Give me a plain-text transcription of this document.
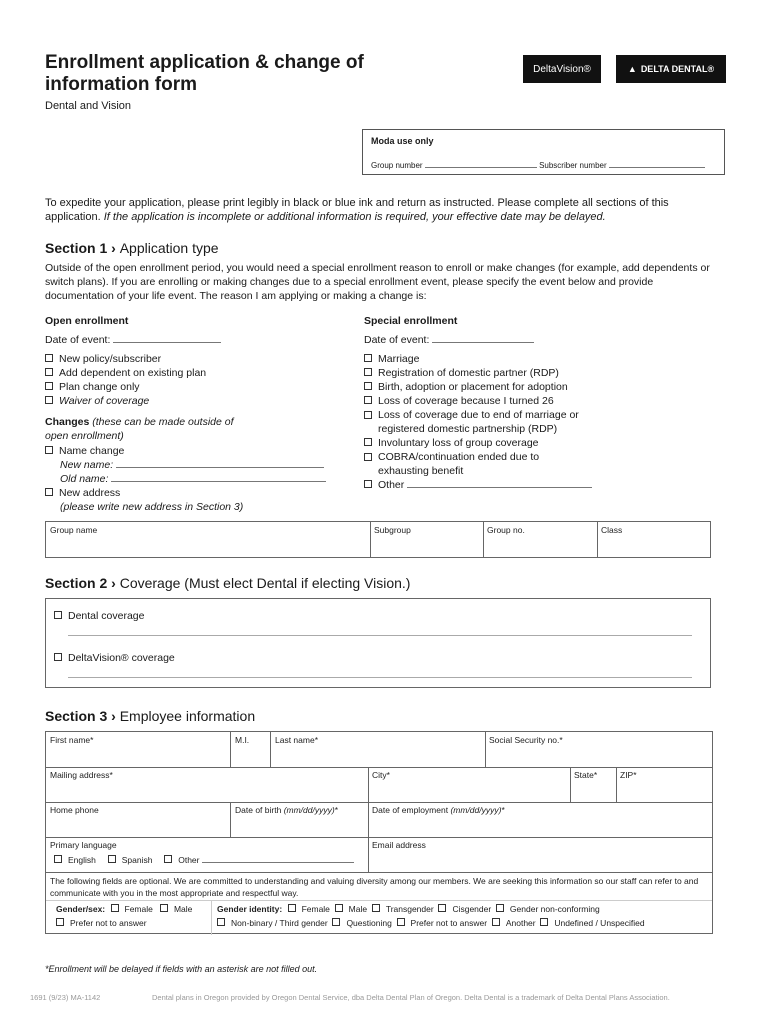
Enrollment application & change of information form
Dental and Vision
DeltaVision®	▲ DELTA DENTAL®
Moda use only
Group number	Subscriber number
To expedite your application, please print legibly in black or blue ink and return as instructed. Please complete all sections of this application. If the application is incomplete or additional information is required, your effective date may be delayed.
Section 1 › Application type
Outside of the open enrollment period, you would need a special enrollment reason to enroll or make changes (for example, add dependents or switch plans). If you are enrolling or making changes due to a special enrollment event, please specify the event below and provide documentation of your life event. The reason I am applying or making a change is:
Open enrollment
Date of event:
New policy/subscriber
Add dependent on existing plan
Plan change only
Waiver of coverage
Changes (these can be made outside of open enrollment)
Name change
New name:
Old name:
New address
(please write new address in Section 3)
Special enrollment
Date of event:
Marriage
Registration of domestic partner (RDP)
Birth, adoption or placement for adoption
Loss of coverage because I turned 26
Loss of coverage due to end of marriage or registered domestic partnership (RDP)
Involuntary loss of group coverage
COBRA/continuation ended due to exhausting benefit
Other
Group name	Subgroup	Group no.	Class
Section 2 › Coverage (Must elect Dental if electing Vision.)
Dental coverage
DeltaVision® coverage
Section 3 › Employee information
First name*	M.I.	Last name*	Social Security no.*
Mailing address*	City*	State*	ZIP*
Home phone	Date of birth (mm/dd/yyyy)*	Date of employment (mm/dd/yyyy)*
Primary language
English	Spanish	Other
Email address
The following fields are optional. We are committed to understanding and valuing diversity among our members. We are seeking this information so our staff can refer to and communicate with you in the most appropriate and respectful way.
Gender/sex: Female Male
Prefer not to answer
Gender identity: Female Male Transgender Cisgender Gender non-conforming
Non-binary / Third gender Questioning Prefer not to answer Another Undefined / Unspecified
*Enrollment will be delayed if fields with an asterisk are not filled out.
1691 (9/23) MA-1142	Dental plans in Oregon provided by Oregon Dental Service, dba Delta Dental Plan of Oregon. Delta Dental is a trademark of Delta Dental Plans Association.
